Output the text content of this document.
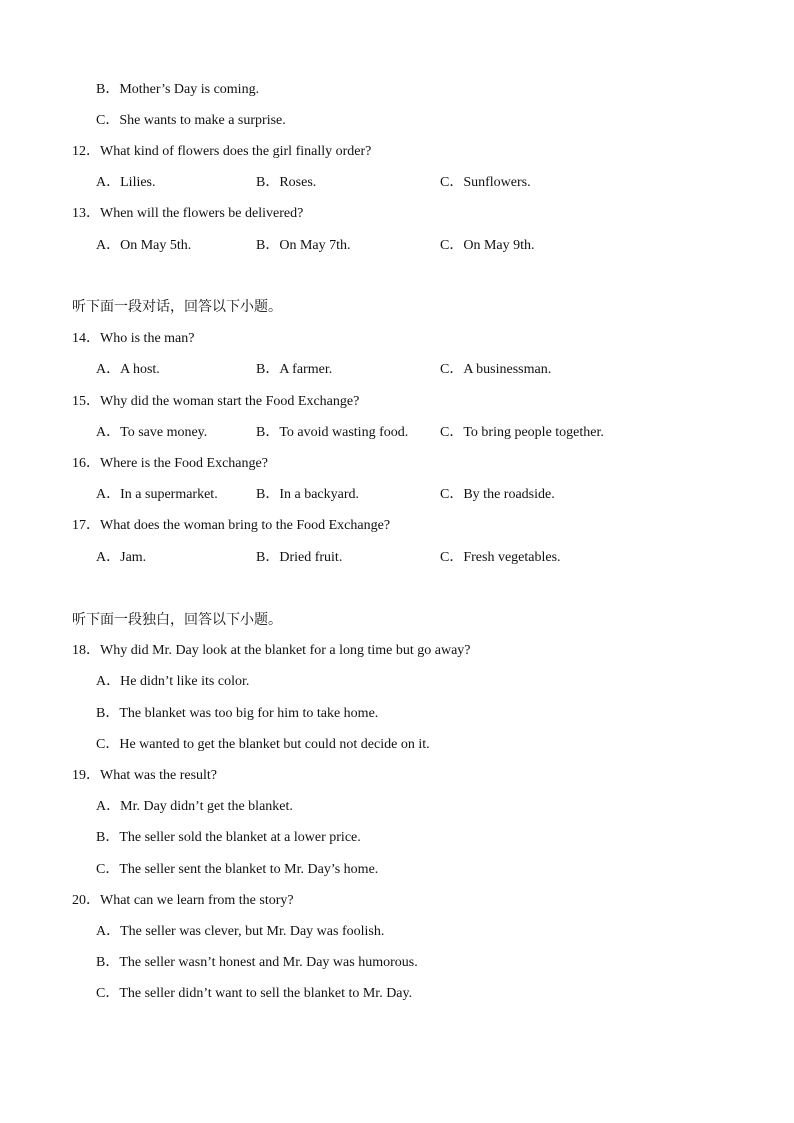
B．Mother’s Day is coming.
C．She wants to make a surprise.
12．What kind of flowers does the girl finally order?
A．Lilies.	B．Roses.	C．Sunflowers.
13．When will the flowers be delivered?
A．On May 5th.	B．On May 7th.	C．On May 9th.
听下面一段对话，回答以下小题。
14．Who is the man?
A．A host.	B．A farmer.	C．A businessman.
15．Why did the woman start the Food Exchange?
A．To save money.	B．To avoid wasting food. C．To bring people together.
16．Where is the Food Exchange?
A．In a supermarket.	B．In a backyard.	C．By the roadside.
17．What does the woman bring to the Food Exchange?
A．Jam.	B．Dried fruit.	C．Fresh vegetables.
听下面一段独白，回答以下小题。
18．Why did Mr. Day look at the blanket for a long time but go away?
A．He didn’t like its color.
B．The blanket was too big for him to take home.
C．He wanted to get the blanket but could not decide on it.
19．What was the result?
A．Mr. Day didn’t get the blanket.
B．The seller sold the blanket at a lower price.
C．The seller sent the blanket to Mr. Day’s home.
20．What can we learn from the story?
A．The seller was clever, but Mr. Day was foolish.
B．The seller wasn’t honest and Mr. Day was humorous.
C．The seller didn’t want to sell the blanket to Mr. Day.
